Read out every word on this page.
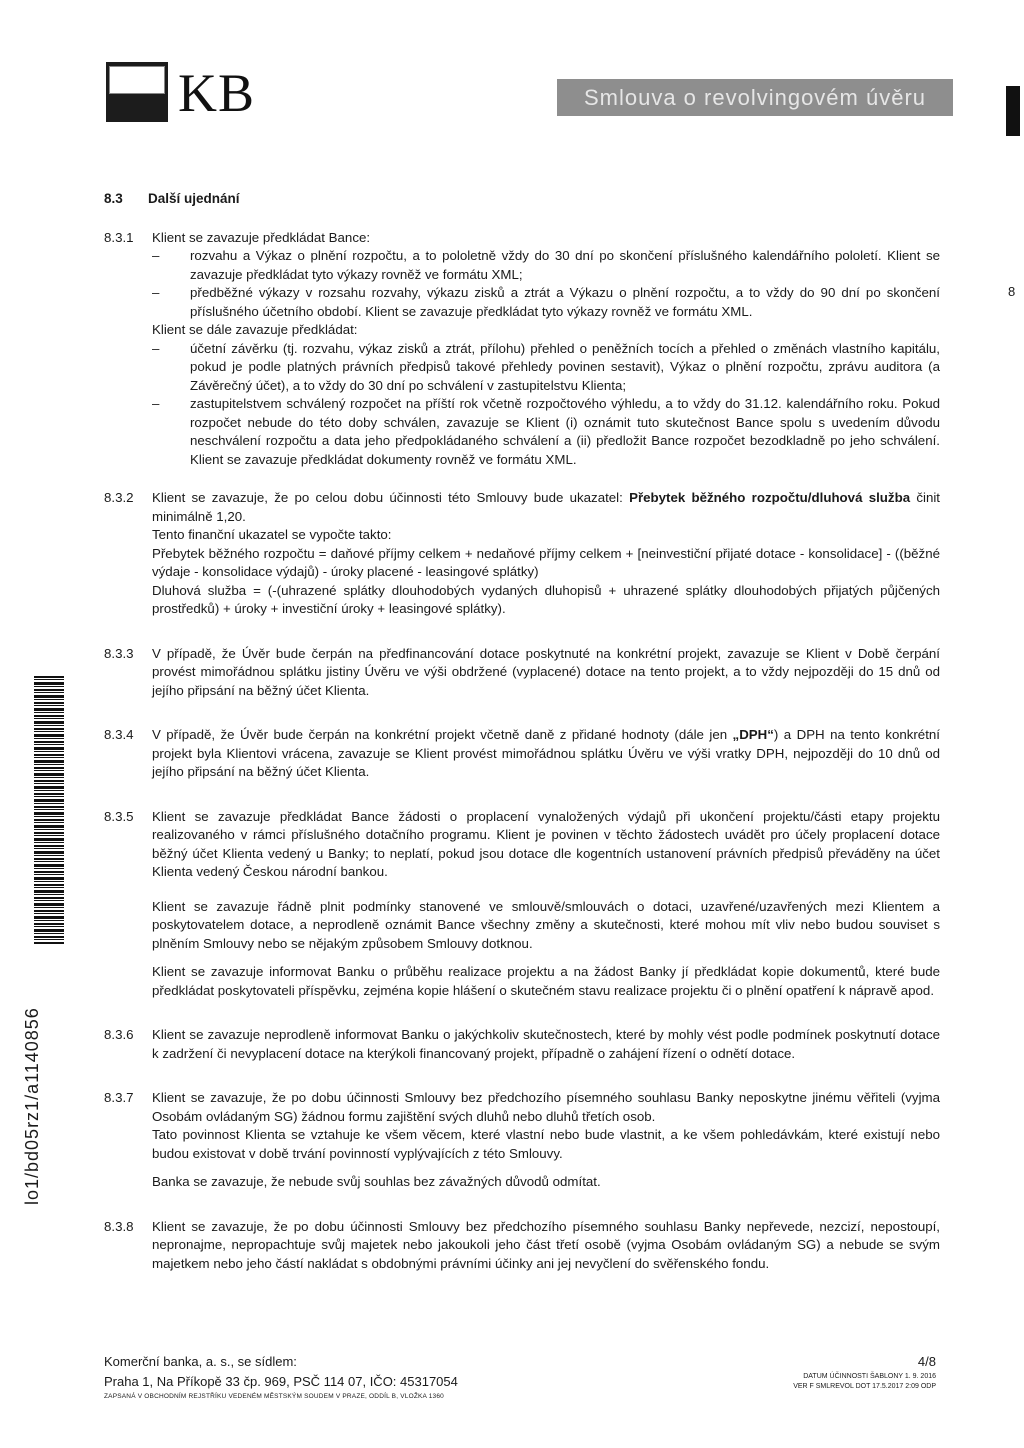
KB	Smlouva o revolvingovém úvěru
8
lo1/bd05rz1/a1140856
8.3 Další ujednání
8.3.1 Klient se zavazuje předkládat Bance:

– rozvahu a Výkaz o plnění rozpočtu, a to pololetně vždy do 30 dní po skončení příslušného kalendářního pololetí. Klient se zavazuje předkládat tyto výkazy rovněž ve formátu XML;

– předběžné výkazy v rozsahu rozvahy, výkazu zisků a ztrát a Výkazu o plnění rozpočtu, a to vždy do 90 dní po skončení příslušného účetního období. Klient se zavazuje předkládat tyto výkazy rovněž ve formátu XML.

Klient se dále zavazuje předkládat:

– účetní závěrku (tj. rozvahu, výkaz zisků a ztrát, přílohu) přehled o peněžních tocích a přehled o změnách vlastního kapitálu, pokud je podle platných právních předpisů takové přehledy povinen sestavit), Výkaz o plnění rozpočtu, zprávu auditora (a Závěrečný účet), a to vždy do 30 dní po schválení v zastupitelstvu Klienta;

– zastupitelstvem schválený rozpočet na příští rok včetně rozpočtového výhledu, a to vždy do 31.12. kalendářního roku. Pokud rozpočet nebude do této doby schválen, zavazuje se Klient (i) oznámit tuto skutečnost Bance spolu s uvedením důvodu neschválení rozpočtu a data jeho předpokládaného schválení a (ii) předložit Bance rozpočet bezodkladně po jeho schválení. Klient se zavazuje předkládat dokumenty rovněž ve formátu XML.

8.3.2 Klient se zavazuje, že po celou dobu účinnosti této Smlouvy bude ukazatel: Přebytek běžného rozpočtu/dluhová služba činit minimálně 1,20.

Tento finanční ukazatel se vypočte takto:

Přebytek běžného rozpočtu = daňové příjmy celkem + nedaňové příjmy celkem + [neinvestiční přijaté dotace - konsolidace] - ((běžné výdaje - konsolidace výdajů) - úroky placené - leasingové splátky)

Dluhová služba = (-(uhrazené splátky dlouhodobých vydaných dluhopisů + uhrazené splátky dlouhodobých přijatých půjčených prostředků) + úroky + investiční úroky + leasingové splátky).

8.3.3 V případě, že Úvěr bude čerpán na předfinancování dotace poskytnuté na konkrétní projekt, zavazuje se Klient v Době čerpání provést mimořádnou splátku jistiny Úvěru ve výši obdržené (vyplacené) dotace na tento projekt, a to vždy nejpozději do 15 dnů od jejího připsání na běžný účet Klienta.

8.3.4 V případě, že Úvěr bude čerpán na konkrétní projekt včetně daně z přidané hodnoty (dále jen „DPH“) a DPH na tento konkrétní projekt byla Klientovi vrácena, zavazuje se Klient provést mimořádnou splátku Úvěru ve výši vratky DPH, nejpozději do 10 dnů od jejího připsání na běžný účet Klienta.

8.3.5 Klient se zavazuje předkládat Bance žádosti o proplacení vynaložených výdajů při ukončení projektu/části etapy projektu realizovaného v rámci příslušného dotačního programu. Klient je povinen v těchto žádostech uvádět pro účely proplacení dotace běžný účet Klienta vedený u Banky; to neplatí, pokud jsou dotace dle kogentních ustanovení právních předpisů převáděny na účet Klienta vedený Českou národní bankou.

Klient se zavazuje řádně plnit podmínky stanovené ve smlouvě/smlouvách o dotaci, uzavřené/uzavřených mezi Klientem a poskytovatelem dotace, a neprodleně oznámit Bance všechny změny a skutečnosti, které mohou mít vliv nebo budou souviset s plněním Smlouvy nebo se nějakým způsobem Smlouvy dotknou.

Klient se zavazuje informovat Banku o průběhu realizace projektu a na žádost Banky jí předkládat kopie dokumentů, které bude předkládat poskytovateli příspěvku, zejména kopie hlášení o skutečném stavu realizace projektu či o plnění opatření k nápravě apod.

8.3.6 Klient se zavazuje neprodleně informovat Banku o jakýchkoliv skutečnostech, které by mohly vést podle podmínek poskytnutí dotace k zadržení či nevyplacení dotace na kterýkoli financovaný projekt, případně o zahájení řízení o odnětí dotace.

8.3.7 Klient se zavazuje, že po dobu účinnosti Smlouvy bez předchozího písemného souhlasu Banky neposkytne jinému věřiteli (vyjma Osobám ovládaným SG) žádnou formu zajištění svých dluhů nebo dluhů třetích osob.

Tato povinnost Klienta se vztahuje ke všem věcem, které vlastní nebo bude vlastnit, a ke všem pohledávkám, které existují nebo budou existovat v době trvání povinností vyplývajících z této Smlouvy.

Banka se zavazuje, že nebude svůj souhlas bez závažných důvodů odmítat.

8.3.8 Klient se zavazuje, že po dobu účinnosti Smlouvy bez předchozího písemného souhlasu Banky nepřevede, nezcizí, nepostoupí, nepronajme, nepropachtuje svůj majetek nebo jakoukoli jeho část třetí osobě (vyjma Osobám ovládaným SG) a nebude se svým majetkem nebo jeho částí nakládat s obdobnými právními účinky ani jej nevyčlení do svěřenského fondu.

Komerční banka, a. s., se sídlem:
Praha 1, Na Příkopě 33 čp. 969, PSČ 114 07, IČO: 45317054
ZAPSANÁ V OBCHODNÍM REJSTŘÍKU VEDENÉM MĚSTSKÝM SOUDEM V PRAZE, ODDÍL B, VLOŽKA 1360
4/8
DATUM ÚČINNOSTI ŠABLONY 1. 9. 2016
VER F SMLREVOL DOT 17.5.2017 2:09 ODP
